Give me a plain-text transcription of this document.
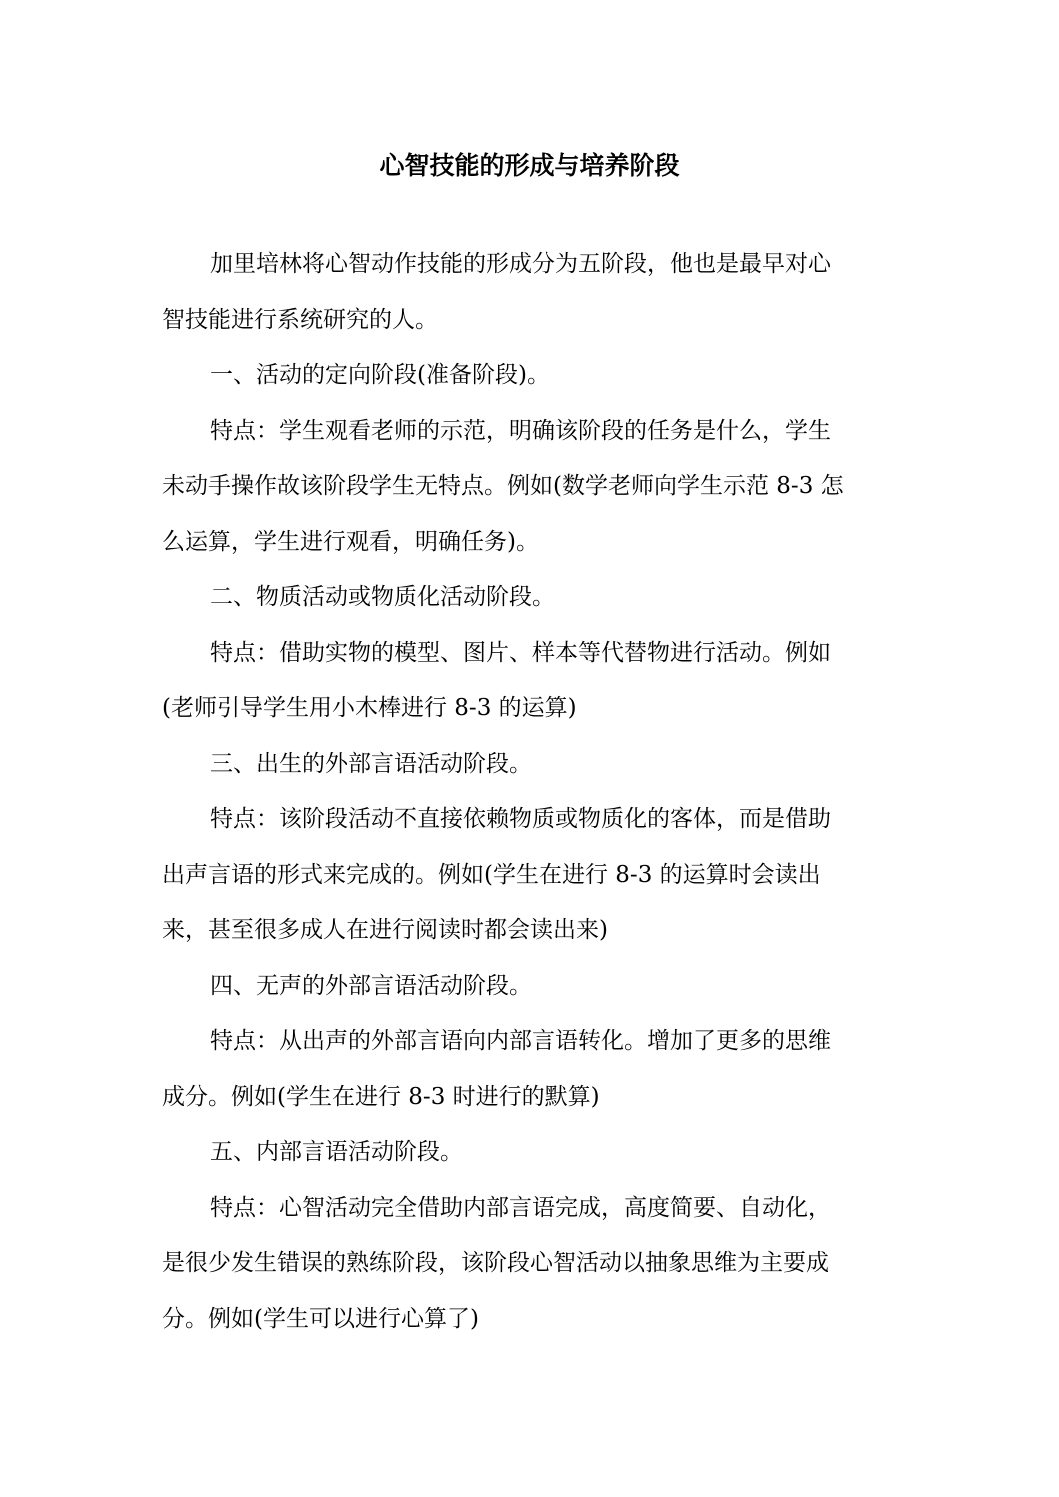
心智技能的形成与培养阶段
加里培林将心智动作技能的形成分为五阶段，他也是最早对心
智技能进行系统研究的人。
一、活动的定向阶段(准备阶段)。
特点：学生观看老师的示范，明确该阶段的任务是什么，学生
未动手操作故该阶段学生无特点。例如(数学老师向学生示范 8-3 怎
么运算，学生进行观看，明确任务)。
二、物质活动或物质化活动阶段。
特点：借助实物的模型、图片、样本等代替物进行活动。例如
(老师引导学生用小木棒进行 8-3 的运算)
三、出生的外部言语活动阶段。
特点：该阶段活动不直接依赖物质或物质化的客体，而是借助
出声言语的形式来完成的。例如(学生在进行 8-3 的运算时会读出
来，甚至很多成人在进行阅读时都会读出来)
四、无声的外部言语活动阶段。
特点：从出声的外部言语向内部言语转化。增加了更多的思维
成分。例如(学生在进行 8-3 时进行的默算)
五、内部言语活动阶段。
特点：心智活动完全借助内部言语完成，高度简要、自动化，
是很少发生错误的熟练阶段，该阶段心智活动以抽象思维为主要成
分。例如(学生可以进行心算了)
